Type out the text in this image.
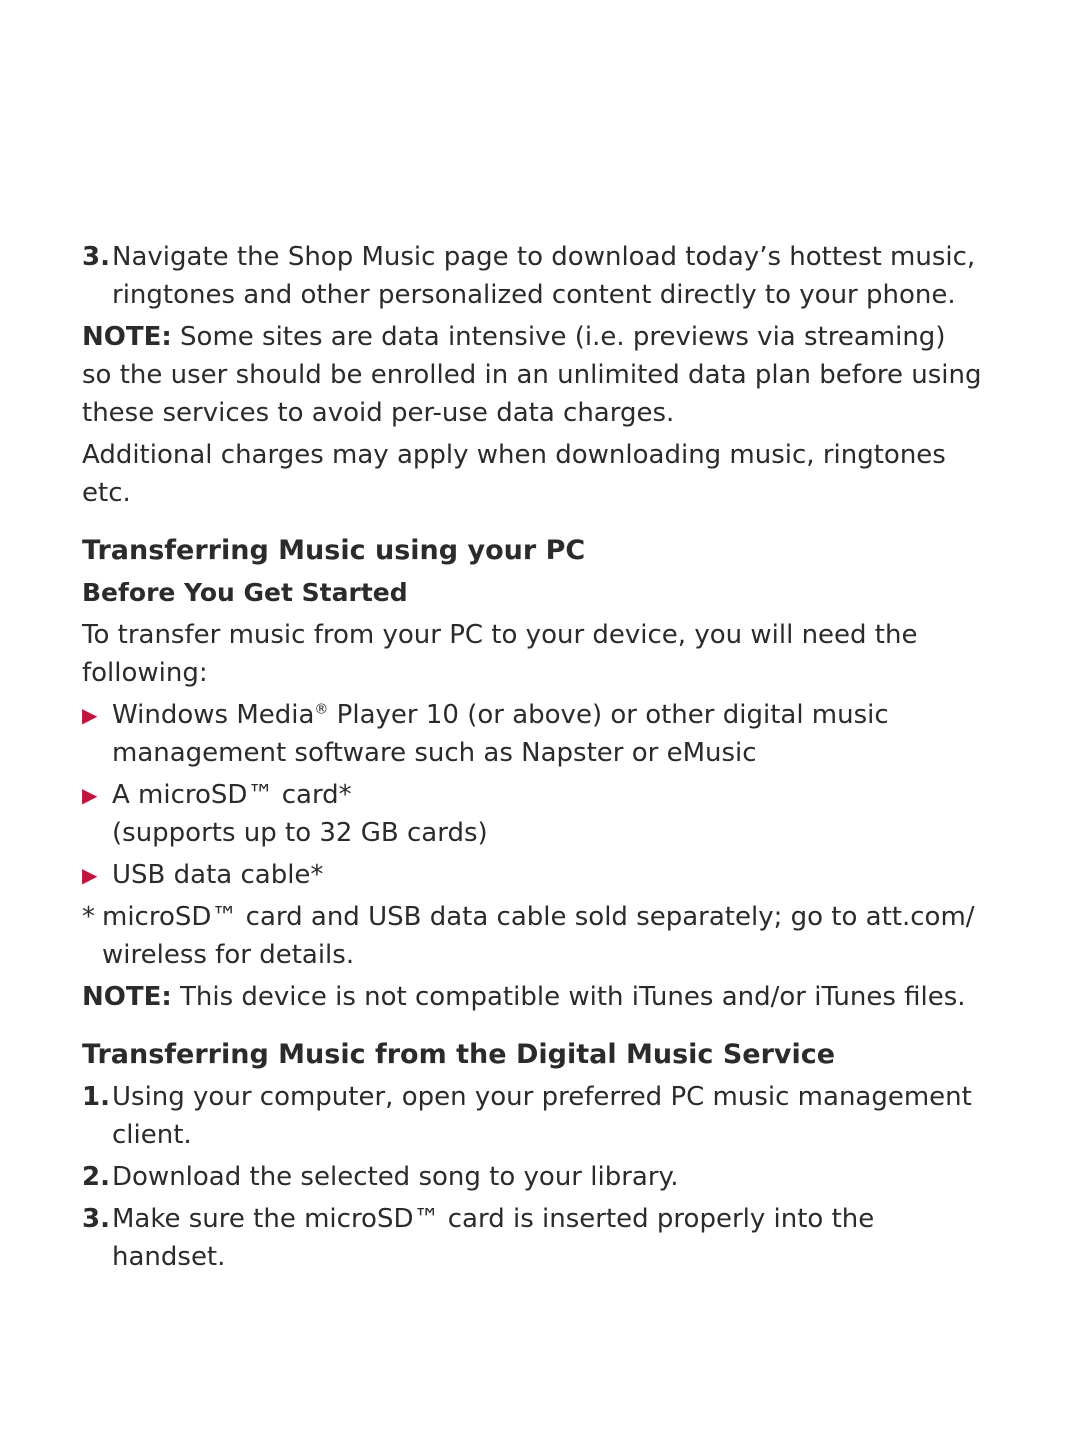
3. Navigate the Shop Music page to download today’s hottest music, ringtones and other personalized content directly to your phone.

NOTE: Some sites are data intensive (i.e. previews via streaming) so the user should be enrolled in an unlimited data plan before using these services to avoid per-use data charges.

Additional charges may apply when downloading music, ringtones etc.

Transferring Music using your PC
Before You Get Started

To transfer music from your PC to your device, you will need the following:

▶ Windows Media® Player 10 (or above) or other digital music management software such as Napster or eMusic
▶ A microSD™ card*
(supports up to 32 GB cards)
▶ USB data cable*
* microSD™ card and USB data cable sold separately; go to att.com/ wireless for details.

NOTE: This device is not compatible with iTunes and/or iTunes files.

Transferring Music from the Digital Music Service
1. Using your computer, open your preferred PC music management client.
2. Download the selected song to your library.
3. Make sure the microSD™ card is inserted properly into the handset.
